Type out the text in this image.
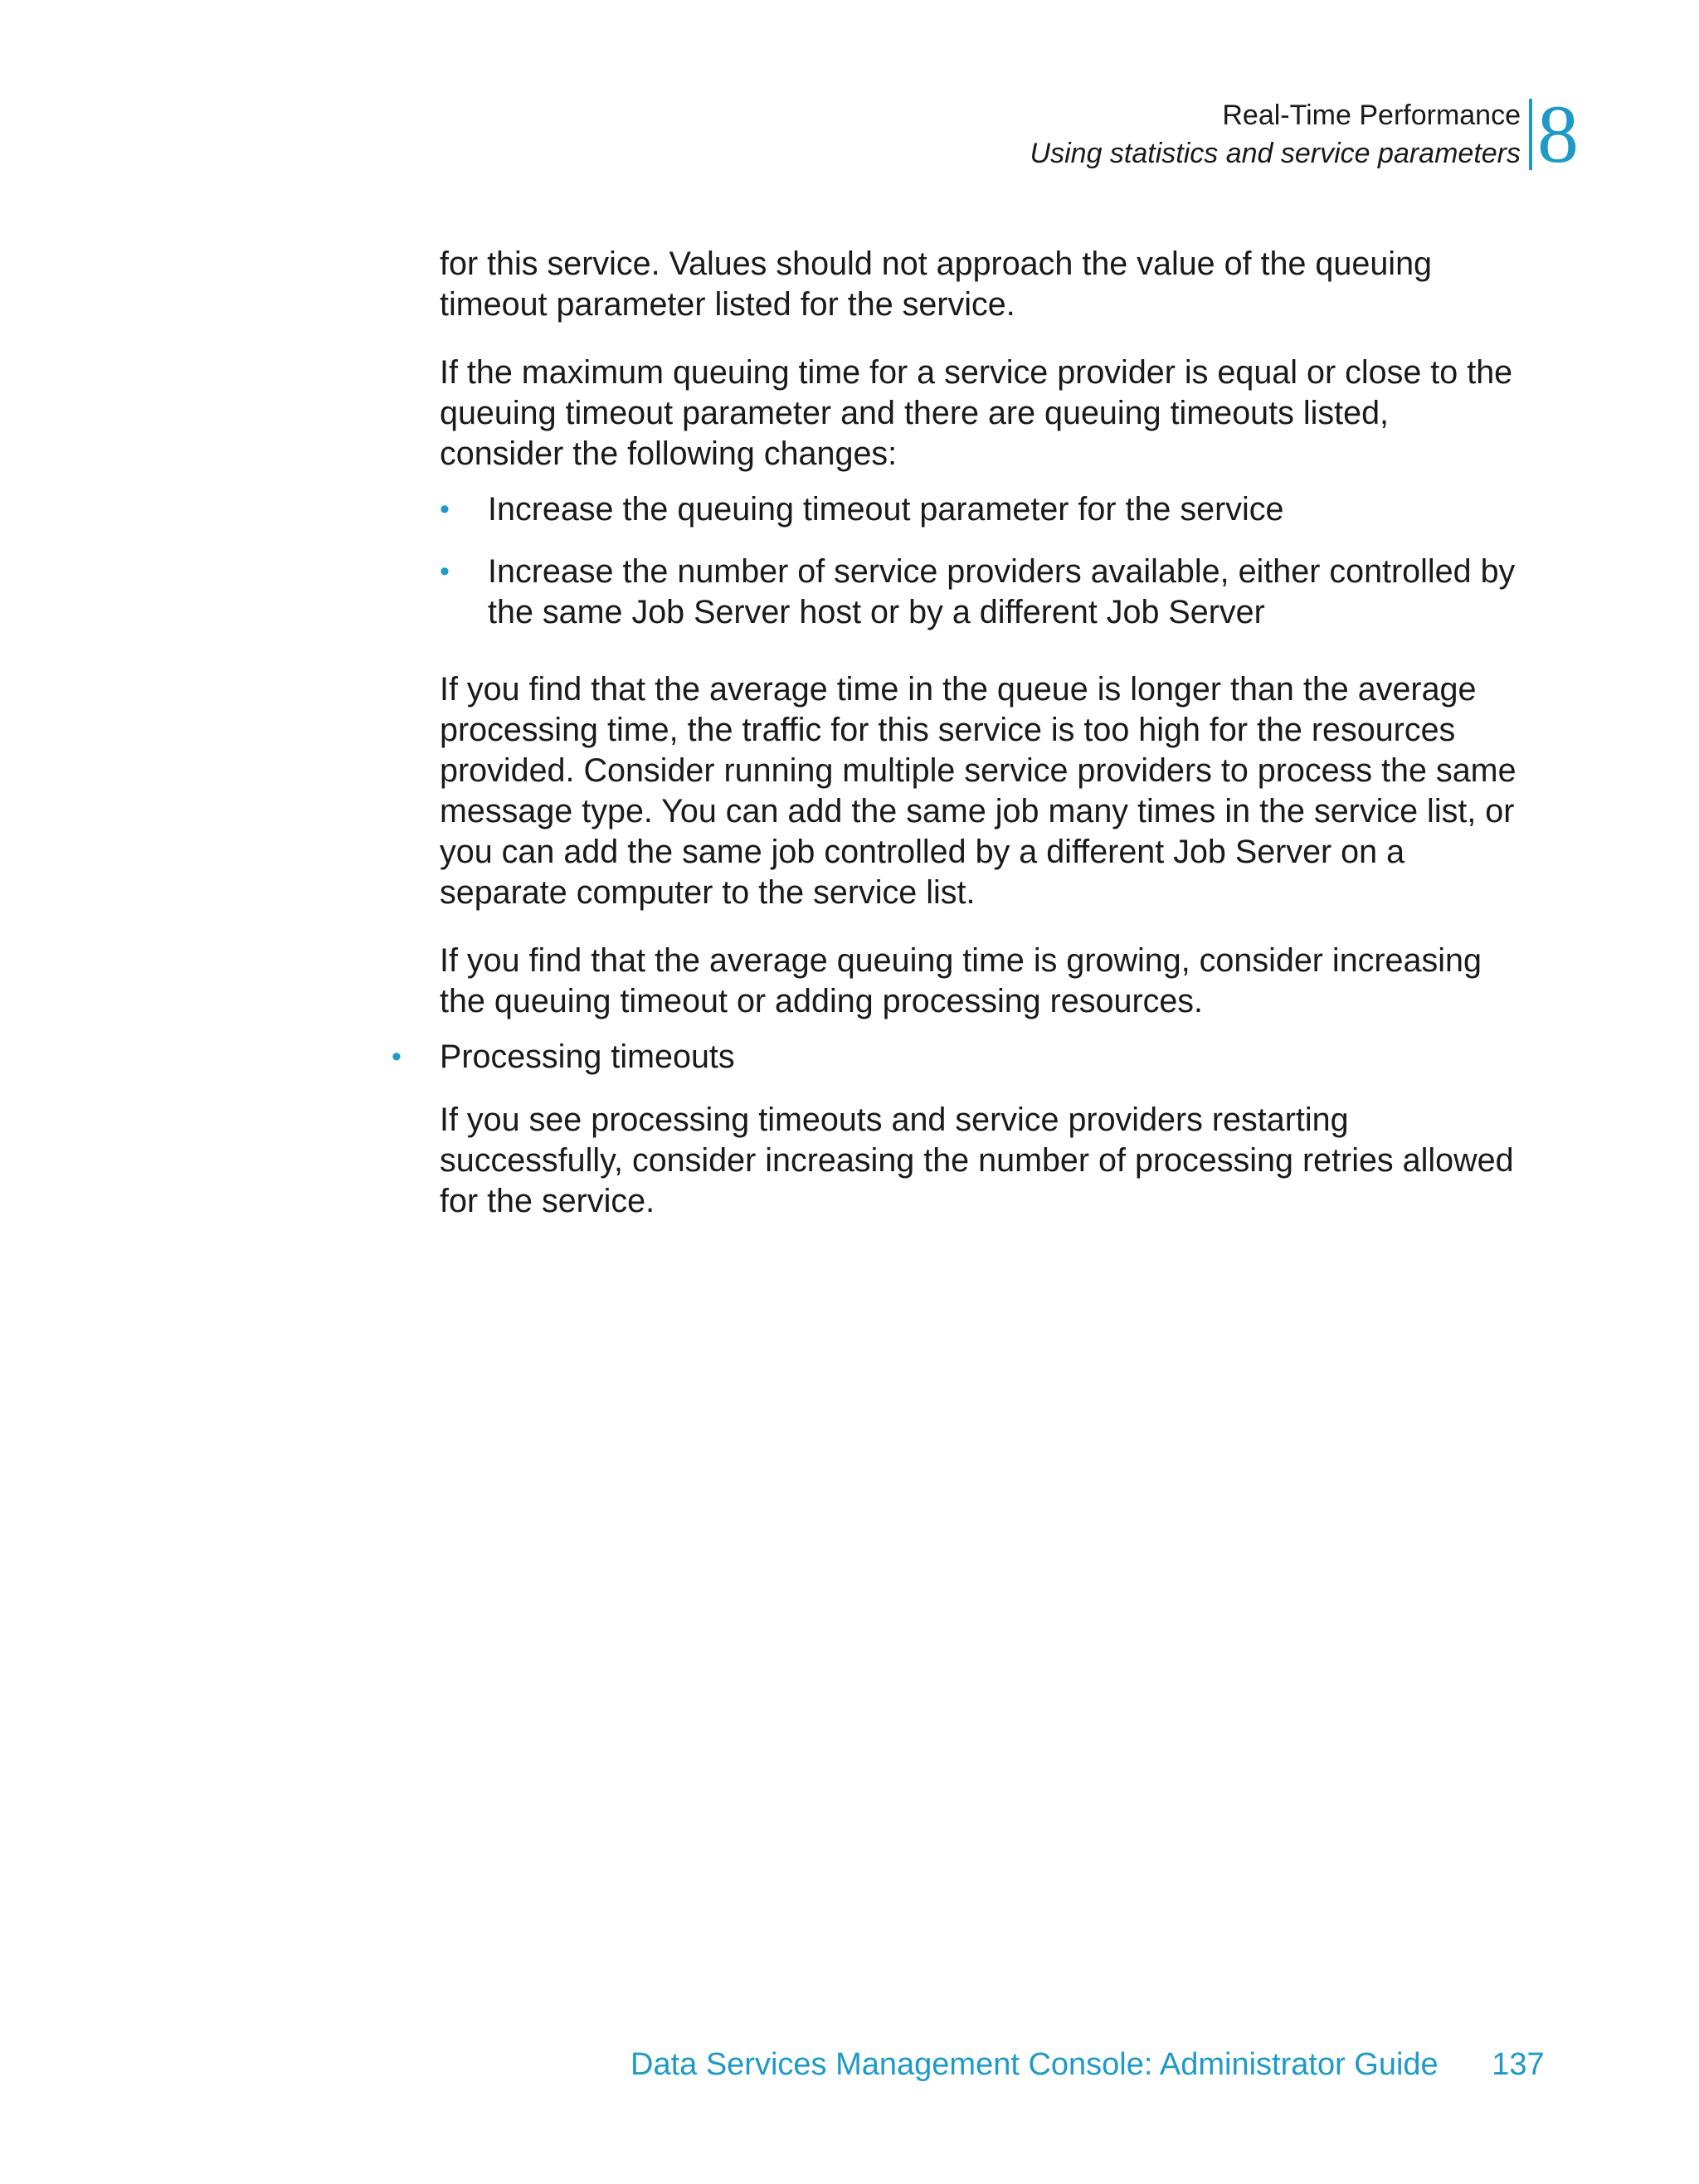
Real-Time Performance
Using statistics and service parameters 8

for this service. Values should not approach the value of the queuing timeout parameter listed for the service.

If the maximum queuing time for a service provider is equal or close to the queuing timeout parameter and there are queuing timeouts listed, consider the following changes:

• Increase the queuing timeout parameter for the service
• Increase the number of service providers available, either controlled by the same Job Server host or by a different Job Server

If you find that the average time in the queue is longer than the average processing time, the traffic for this service is too high for the resources provided. Consider running multiple service providers to process the same message type. You can add the same job many times in the service list, or you can add the same job controlled by a different Job Server on a separate computer to the service list.

If you find that the average queuing time is growing, consider increasing the queuing timeout or adding processing resources.

• Processing timeouts

If you see processing timeouts and service providers restarting successfully, consider increasing the number of processing retries allowed for the service.

Data Services Management Console: Administrator Guide 137
